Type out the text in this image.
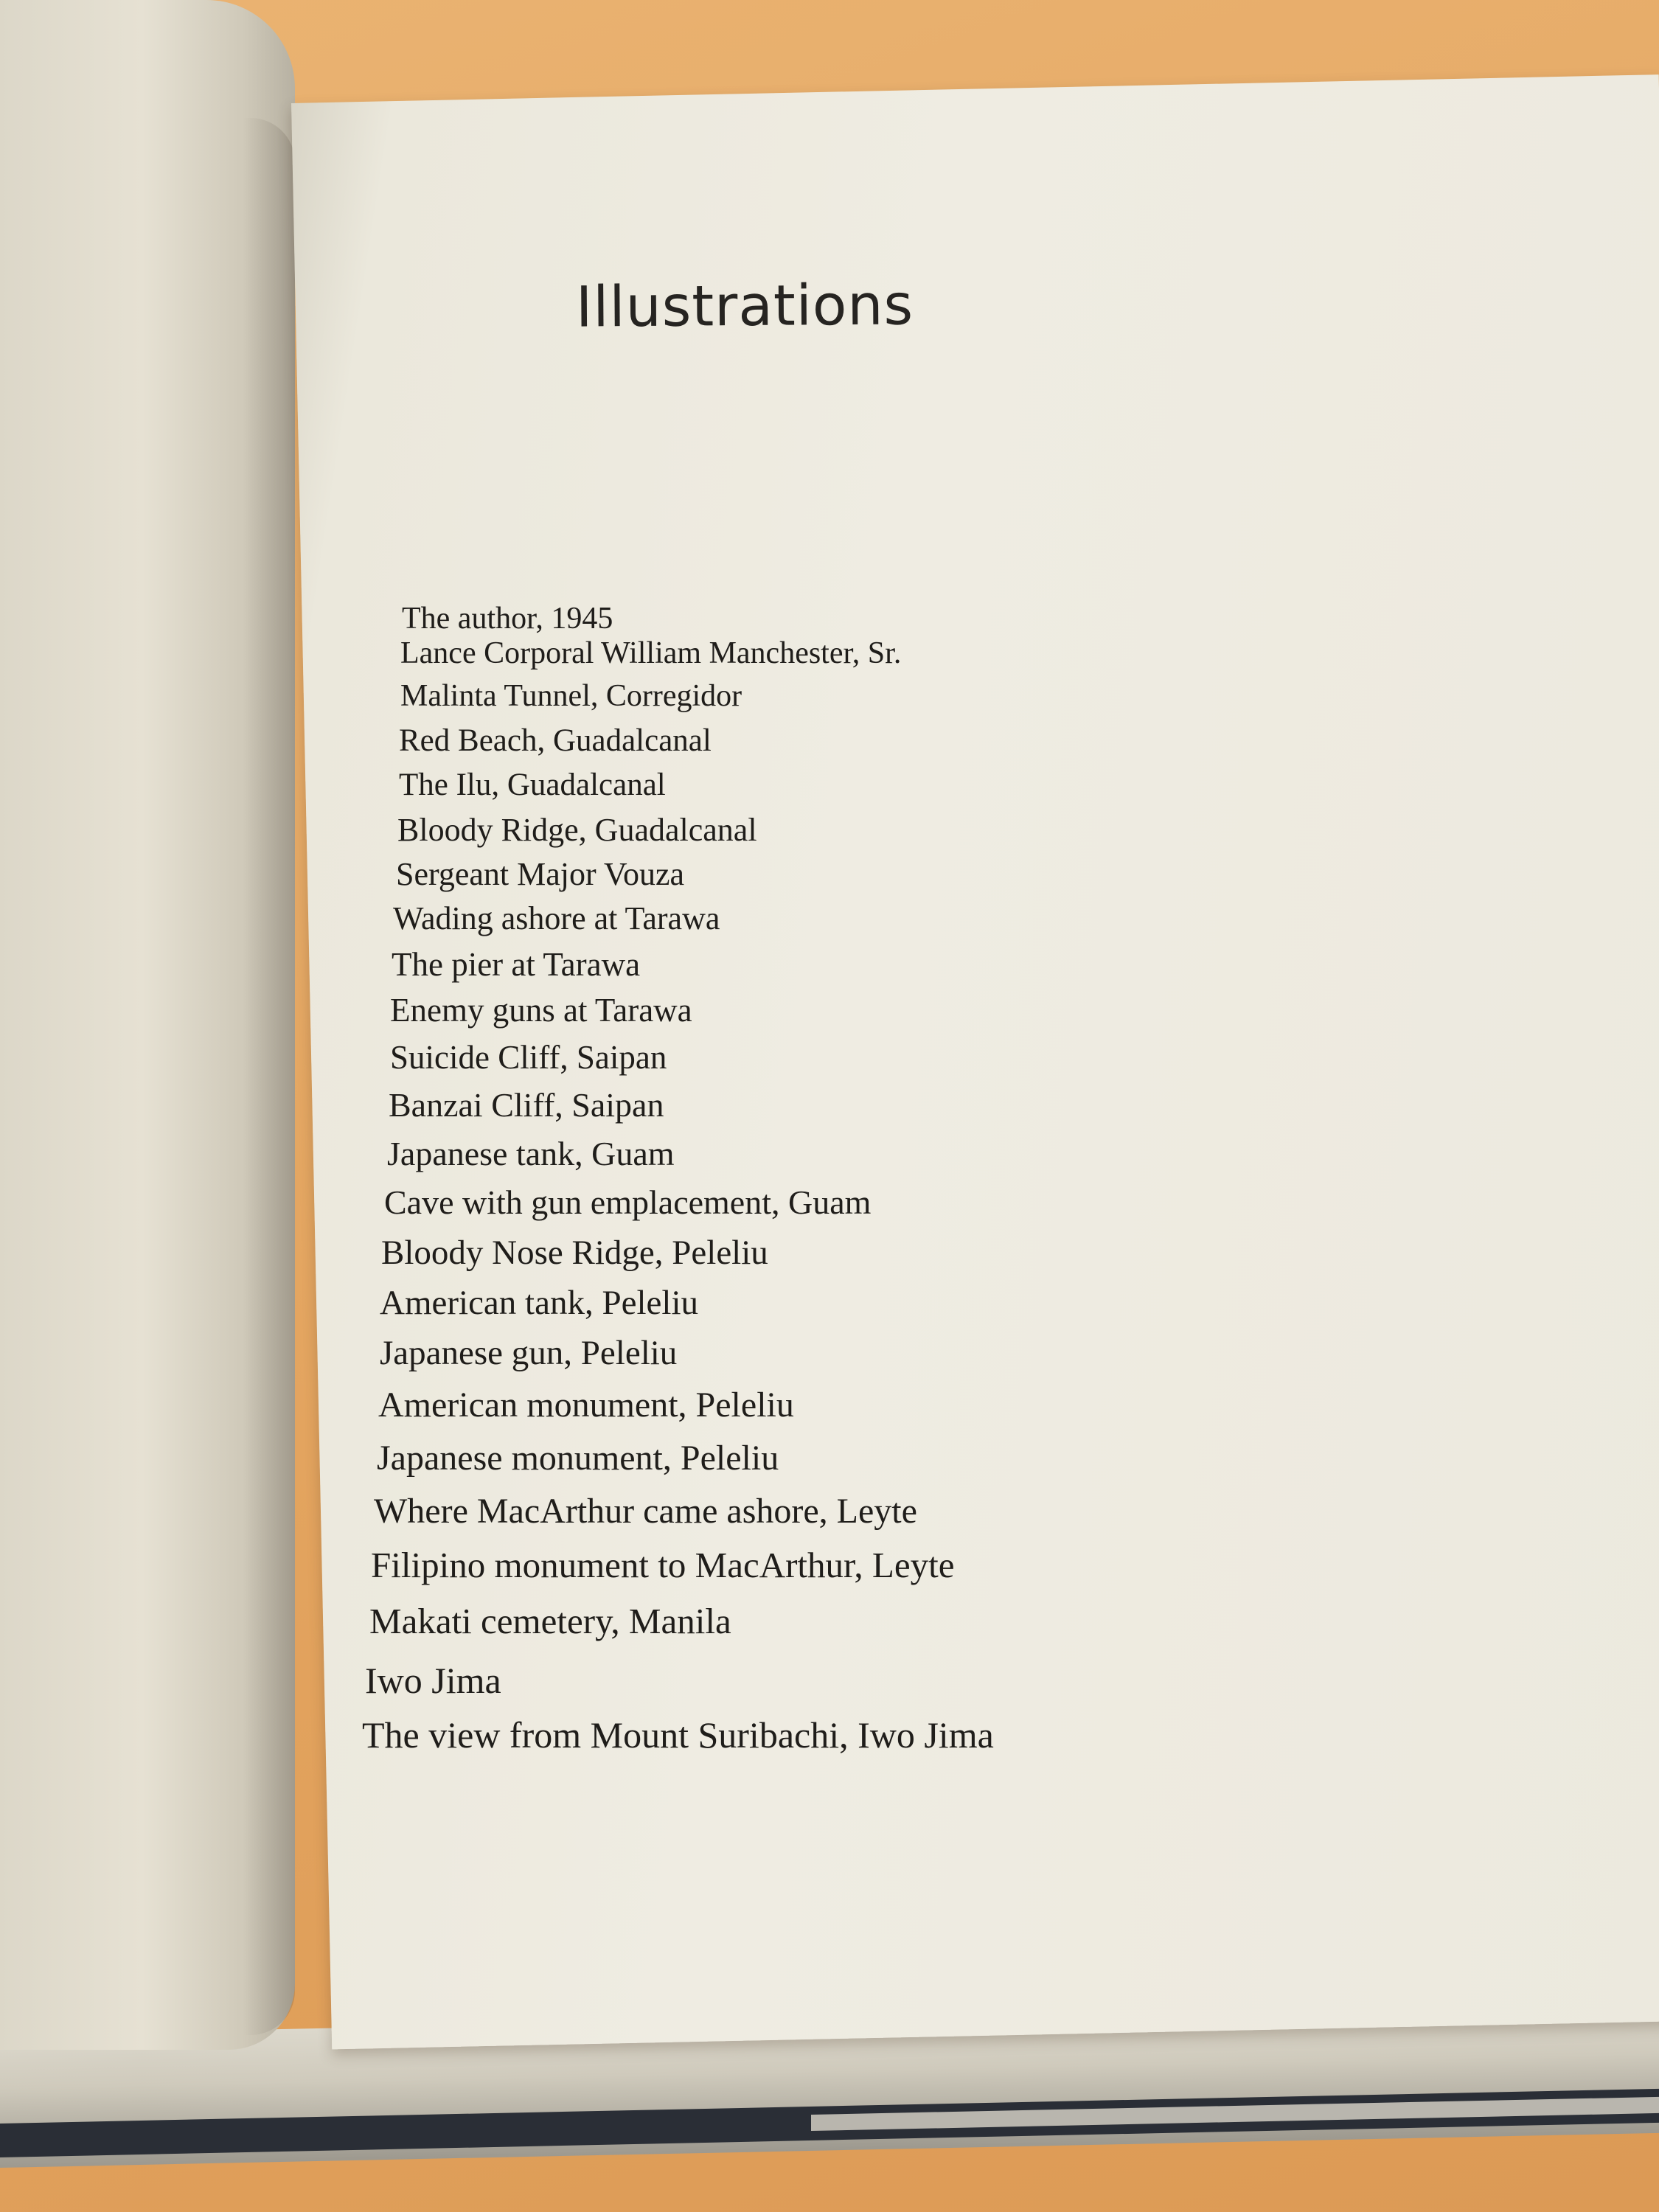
Illustrations
The author, 1945
Lance Corporal William Manchester, Sr.
Malinta Tunnel, Corregidor
Red Beach, Guadalcanal
The Ilu, Guadalcanal
Bloody Ridge, Guadalcanal
Sergeant Major Vouza
Wading ashore at Tarawa
The pier at Tarawa
Enemy guns at Tarawa
Suicide Cliff, Saipan
Banzai Cliff, Saipan
Japanese tank, Guam
Cave with gun emplacement, Guam
Bloody Nose Ridge, Peleliu
American tank, Peleliu
Japanese gun, Peleliu
American monument, Peleliu
Japanese monument, Peleliu
Where MacArthur came ashore, Leyte
Filipino monument to MacArthur, Leyte
Makati cemetery, Manila
Iwo Jima
The view from Mount Suribachi, Iwo Jima
